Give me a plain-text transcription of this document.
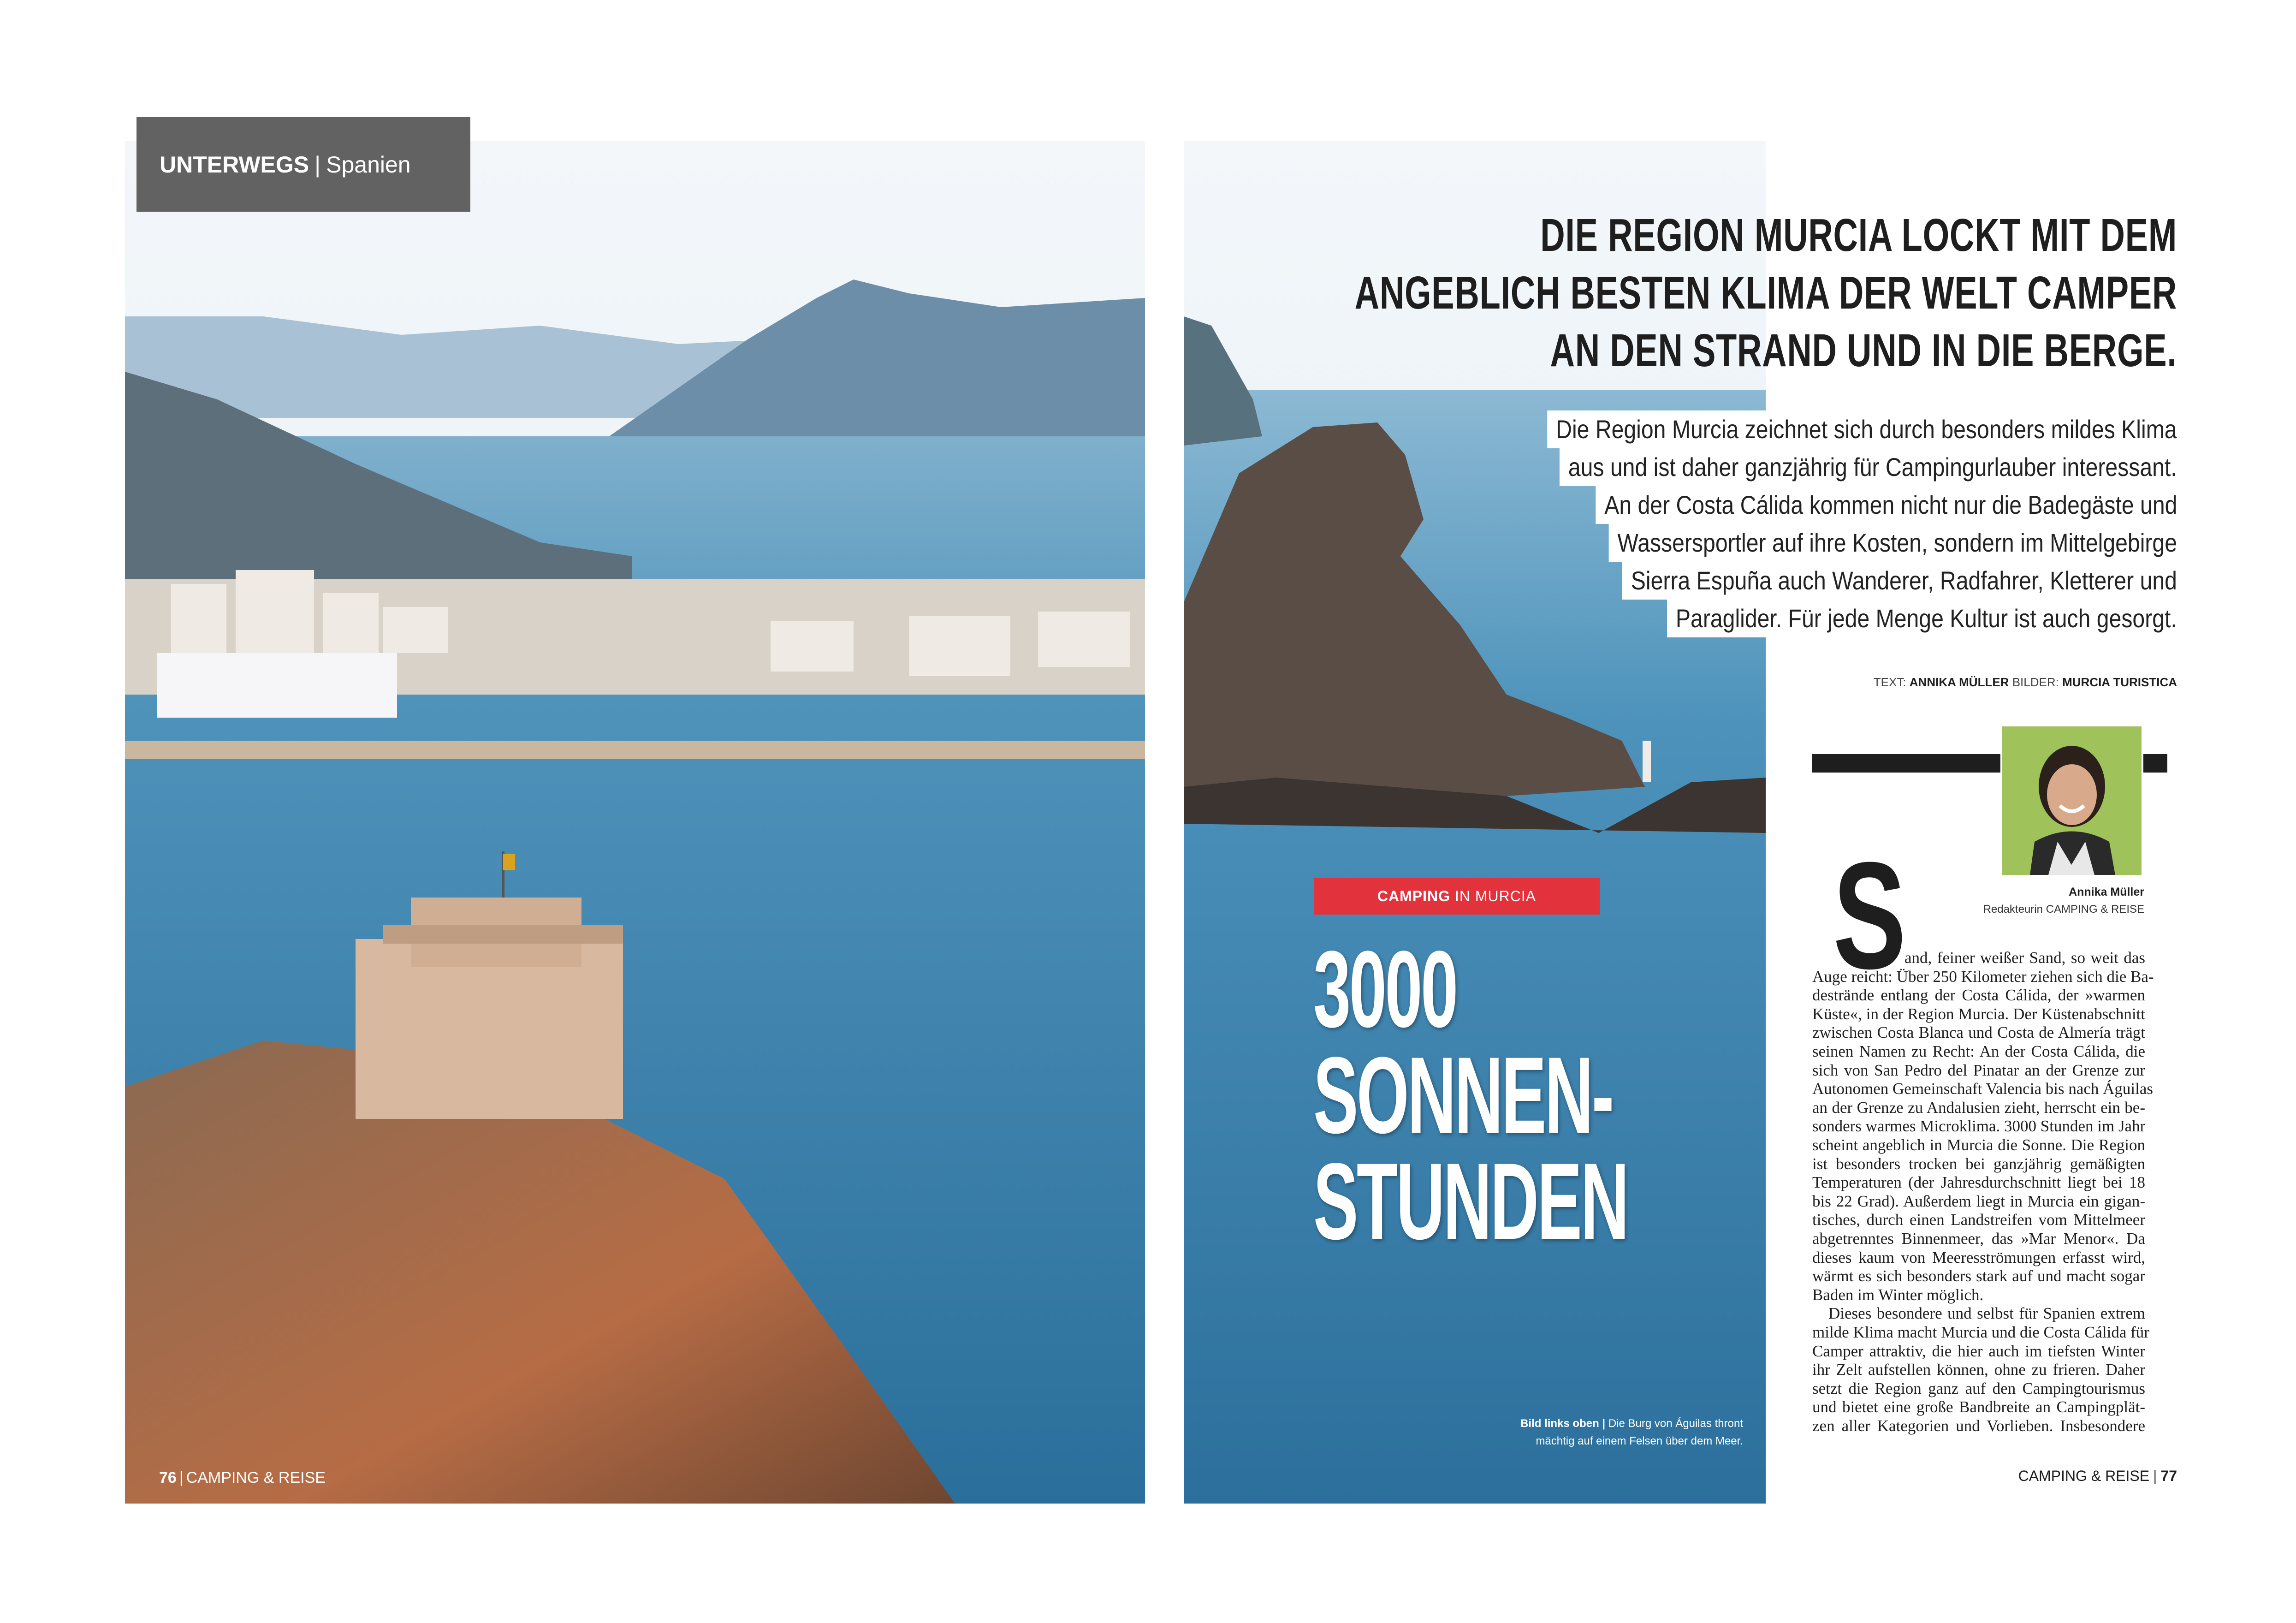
UNTERWEGS | Spanien
76 | CAMPING & REISE
CAMPING IN MURCIA
3000
SONNEN-
STUNDEN
Bild links oben | Die Burg von Águilas thront
mächtig auf einem Felsen über dem Meer.
DIE REGION MURCIA LOCKT MIT DEM
ANGEBLICH BESTEN KLIMA DER WELT CAMPER
AN DEN STRAND UND IN DIE BERGE.
Die Region Murcia zeichnet sich durch besonders mildes Klima
aus und ist daher ganzjährig für Campingurlauber interessant.
An der Costa Cálida kommen nicht nur die Badegäste und
Wassersportler auf ihre Kosten, sondern im Mittelgebirge
Sierra Espuña auch Wanderer, Radfahrer, Kletterer und
Paraglider. Für jede Menge Kultur ist auch gesorgt.
TEXT: ANNIKA MÜLLER BILDER: MURCIA TURISTICA
Annika Müller
Redakteurin CAMPING & REISE
S
and, feiner weißer Sand, so weit das
Auge reicht: Über 250 Kilometer ziehen sich die Ba-
destrände entlang der Costa Cálida, der »warmen
Küste«, in der Region Murcia. Der Küstenabschnitt
zwischen Costa Blanca und Costa de Almería trägt
seinen Namen zu Recht: An der Costa Cálida, die
sich von San Pedro del Pinatar an der Grenze zur
Autonomen Gemeinschaft Valencia bis nach Águilas
an der Grenze zu Andalusien zieht, herrscht ein be-
sonders warmes Microklima. 3000 Stunden im Jahr
scheint angeblich in Murcia die Sonne. Die Region
ist besonders trocken bei ganzjährig gemäßigten
Temperaturen (der Jahresdurchschnitt liegt bei 18
bis 22 Grad). Außerdem liegt in Murcia ein gigan-
tisches, durch einen Landstreifen vom Mittelmeer
abgetrenntes Binnenmeer, das »Mar Menor«. Da
dieses kaum von Meeresströmungen erfasst wird,
wärmt es sich besonders stark auf und macht sogar
Baden im Winter möglich.
Dieses besondere und selbst für Spanien extrem
milde Klima macht Murcia und die Costa Cálida für
Camper attraktiv, die hier auch im tiefsten Winter
ihr Zelt aufstellen können, ohne zu frieren. Daher
setzt die Region ganz auf den Campingtourismus
und bietet eine große Bandbreite an Campingplät-
zen aller Kategorien und Vorlieben. Insbesondere
CAMPING & REISE | 77
